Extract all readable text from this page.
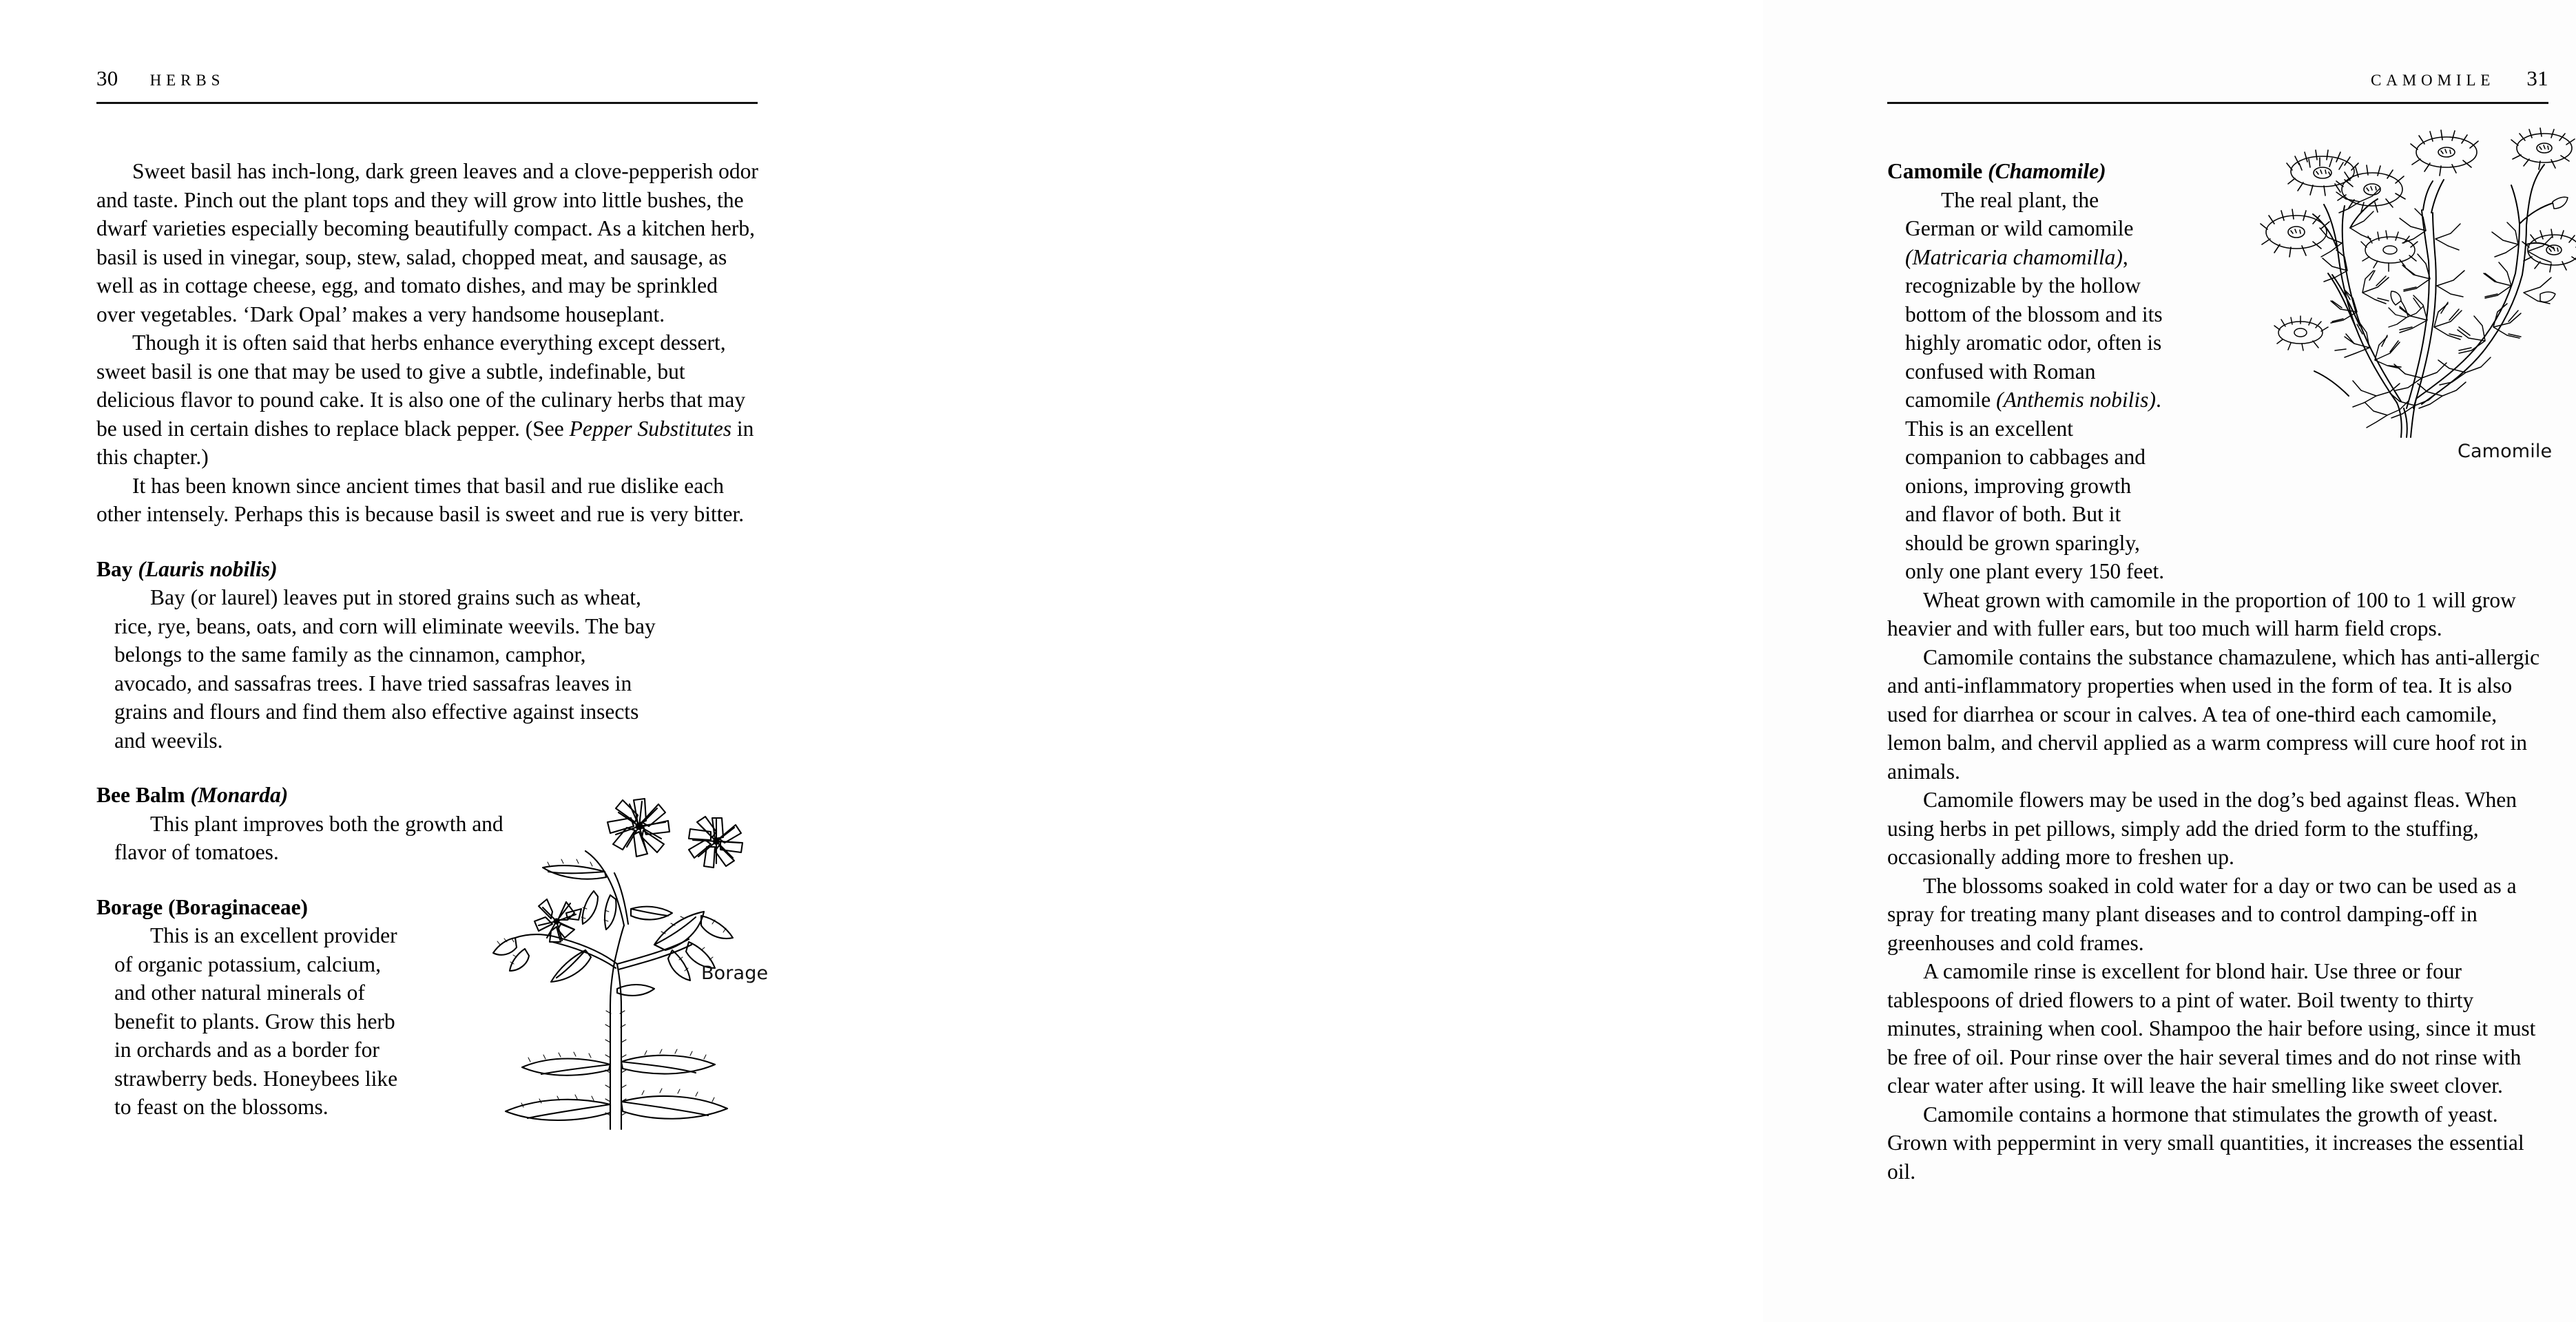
30 HERBS

Sweet basil has inch-long, dark green leaves and a clove-pepperish odor and taste. Pinch out the plant tops and they will grow into little bushes, the dwarf varieties especially becoming beautifully compact. As a kitchen herb, basil is used in vinegar, soup, stew, salad, chopped meat, and sausage, as well as in cottage cheese, egg, and tomato dishes, and may be sprinkled over vegetables. ‘Dark Opal’ makes a very handsome houseplant.

Though it is often said that herbs enhance everything except dessert, sweet basil is one that may be used to give a subtle, indefinable, but delicious flavor to pound cake. It is also one of the culinary herbs that may be used in certain dishes to replace black pepper. (See Pepper Substitutes in this chapter.)

It has been known since ancient times that basil and rue dislike each other intensely. Perhaps this is because basil is sweet and rue is very bitter.

Bay (Lauris nobilis)

Bay (or laurel) leaves put in stored grains such as wheat, rice, rye, beans, oats, and corn will eliminate weevils. The bay belongs to the same family as the cinnamon, camphor, avocado, and sassafras trees. I have tried sassafras leaves in grains and flours and find them also effective against insects and weevils.

Bee Balm (Monarda)

This plant improves both the growth and flavor of tomatoes.

Borage (Boraginaceae)

This is an excellent provider of organic potassium, calcium, and other natural minerals of benefit to plants. Grow this herb in orchards and as a border for strawberry beds. Honeybees like to feast on the blossoms.

Borage
CAMOMILE 31
Camomile (Chamomile)

The real plant, the German or wild camomile (Matricaria chamomilla), recognizable by the hollow bottom of the blossom and its highly aromatic odor, often is confused with Roman camomile (Anthemis nobilis). This is an excellent companion to cabbages and onions, improving growth and flavor of both. But it should be grown sparingly, only one plant every 150 feet.

Wheat grown with camomile in the proportion of 100 to 1 will grow heavier and with fuller ears, but too much will harm field crops.

Camomile contains the substance chamazulene, which has anti-allergic and anti-inflammatory properties when used in the form of tea. It is also used for diarrhea or scour in calves. A tea of one-third each camomile, lemon balm, and chervil applied as a warm compress will cure hoof rot in animals.

Camomile flowers may be used in the dog’s bed against fleas. When using herbs in pet pillows, simply add the dried form to the stuffing, occasionally adding more to freshen up.

The blossoms soaked in cold water for a day or two can be used as a spray for treating many plant diseases and to control damping-off in greenhouses and cold frames.

A camomile rinse is excellent for blond hair. Use three or four tablespoons of dried flowers to a pint of water. Boil twenty to thirty minutes, straining when cool. Shampoo the hair before using, since it must be free of oil. Pour rinse over the hair several times and do not rinse with clear water after using. It will leave the hair smelling like sweet clover.

Camomile contains a hormone that stimulates the growth of yeast. Grown with peppermint in very small quantities, it increases the essential oil.

Camomile
